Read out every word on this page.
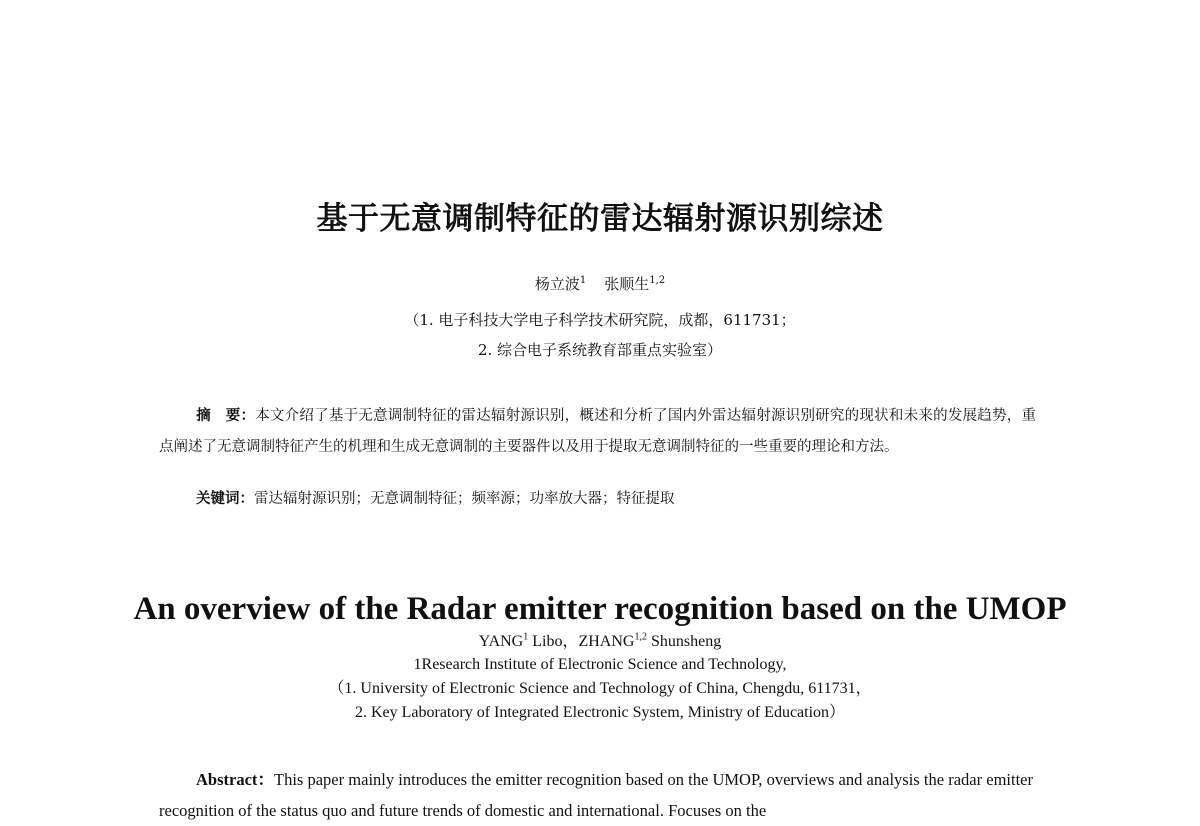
基于无意调制特征的雷达辐射源识别综述
杨立波$^1$ 张顺生$^{1,2}$
（1. 电子科技大学电子科学技术研究院，成都，611731；
2. 综合电子系统教育部重点实验室）

摘　要：本文介绍了基于无意调制特征的雷达辐射源识别，概述和分析了国内外雷达辐射源识别研究的现状和未来的发展趋势，重点阐述了无意调制特征产生的机理和生成无意调制的主要器件以及用于提取无意调制特征的一些重要的理论和方法。

关键词：雷达辐射源识别；无意调制特征；频率源；功率放大器；特征提取
An overview of the Radar emitter recognition based on the UMOP
YANG$^1$ Libo，ZHANG$^{1,2}$ Shunsheng
1Research Institute of Electronic Science and Technology,
（1. University of Electronic Science and Technology of China, Chengdu, 611731，
2. Key Laboratory of Integrated Electronic System, Ministry of Education）

Abstract：This paper mainly introduces the emitter recognition based on the UMOP, overviews and analysis the radar emitter recognition of the status quo and future trends of domestic and international. Focuses on the
